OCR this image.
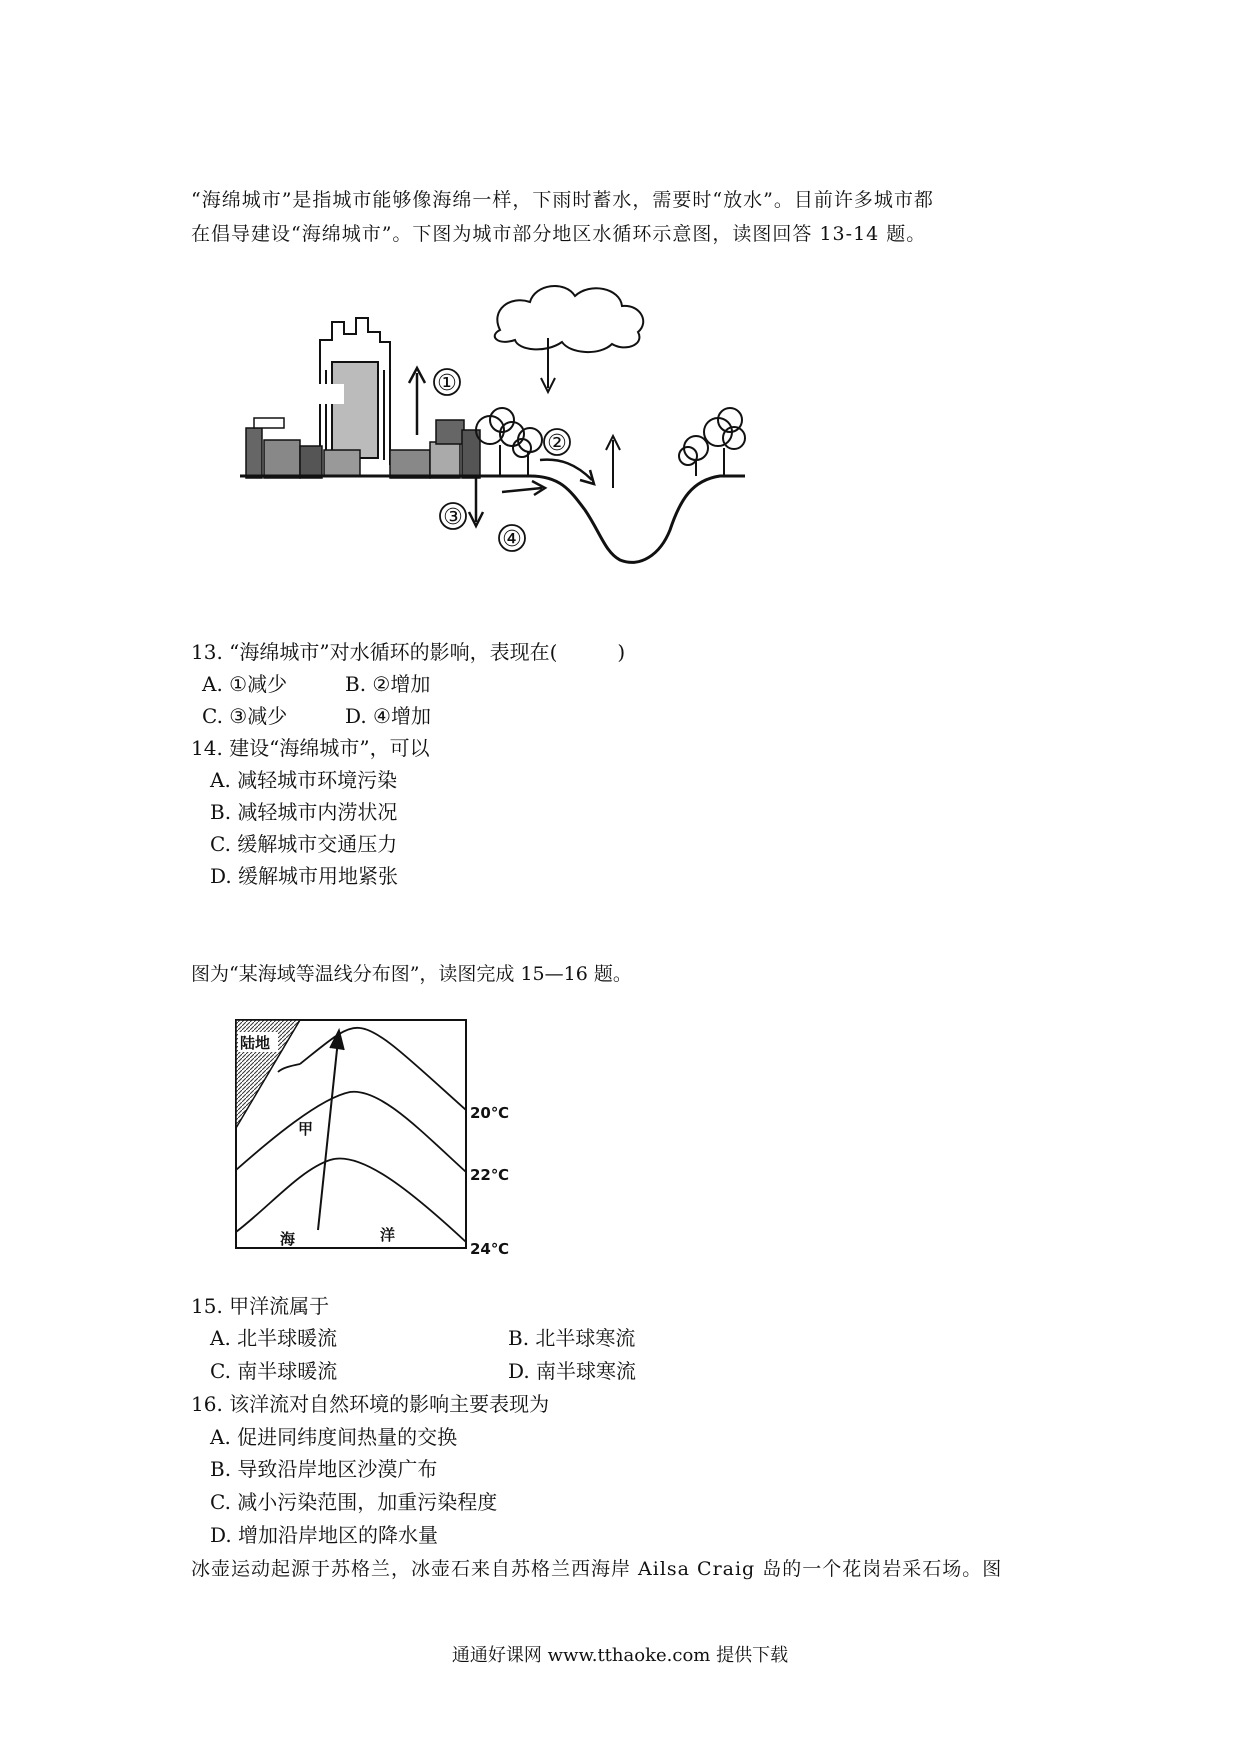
“海绵城市”是指城市能够像海绵一样，下雨时蓄水，需要时“放水”。目前许多城市都
在倡导建设“海绵城市”。下图为城市部分地区水循环示意图，读图回答 13-14 题。
①
②
③
④
13. “海绵城市”对水循环的影响，表现在(　　　)
A. ①减少	B. ②增加
C. ③减少	D. ④增加
14. 建设“海绵城市”，可以
A. 减轻城市环境污染
B. 减轻城市内涝状况
C. 缓解城市交通压力
D. 缓解城市用地紧张
图为“某海域等温线分布图”，读图完成 15—16 题。
陆地
甲
海	洋
20℃
22℃
24℃
15. 甲洋流属于
A. 北半球暖流	B. 北半球寒流
C. 南半球暖流	D. 南半球寒流
16. 该洋流对自然环境的影响主要表现为
A. 促进同纬度间热量的交换
B. 导致沿岸地区沙漠广布
C. 减小污染范围，加重污染程度
D. 增加沿岸地区的降水量
冰壶运动起源于苏格兰，冰壶石来自苏格兰西海岸 Ailsa Craig 岛的一个花岗岩采石场。图
通通好课网 www.tthaoke.com 提供下载
